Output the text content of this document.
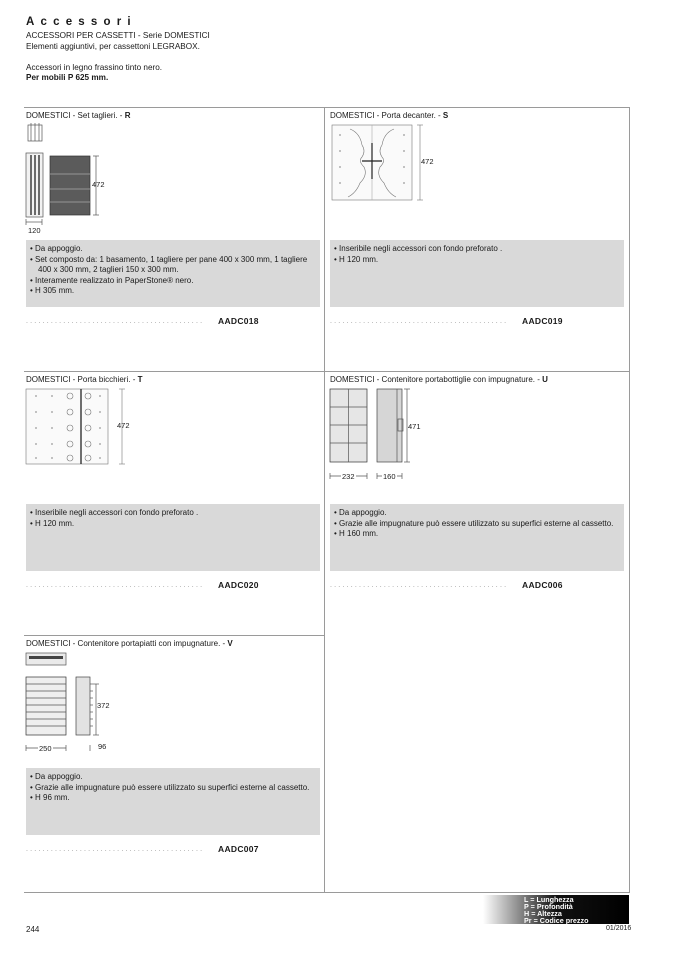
Accessori
ACCESSORI PER CASSETTI - Serie DOMESTICI
Elementi aggiuntivi, per cassettoni LEGRABOX.
Accessori in legno frassino tinto nero.
Per mobili P 625 mm.
DOMESTICI - Set taglieri. - R
472
120
• Da appoggio.
• Set composto da: 1 basamento, 1 tagliere per pane 400 x 300 mm, 1 tagliere 400 x 300 mm, 2 taglieri 150 x 300 mm.
• Interamente realizzato in PaperStone® nero.
• H 305 mm.
...........................................	AADC018
DOMESTICI - Porta decanter. - S
472
• Inseribile negli accessori con fondo preforato .
• H 120 mm.
...........................................	AADC019
DOMESTICI - Porta bicchieri. - T
472
• Inseribile negli accessori con fondo preforato .
• H 120 mm.
...........................................	AADC020
DOMESTICI - Contenitore portabottiglie con impugnature. - U
471
232	160
• Da appoggio.
• Grazie alle impugnature può essere utilizzato su superfici esterne al cassetto.
• H 160 mm.
...........................................	AADC006
DOMESTICI - Contenitore portapiatti con impugnature. - V
372
250	96
• Da appoggio.
• Grazie alle impugnature può essere utilizzato su superfici esterne al cassetto.
• H 96 mm.
...........................................	AADC007
L = Lunghezza
P = Profondità
H = Altezza
Pr = Codice prezzo
244	01/2016
